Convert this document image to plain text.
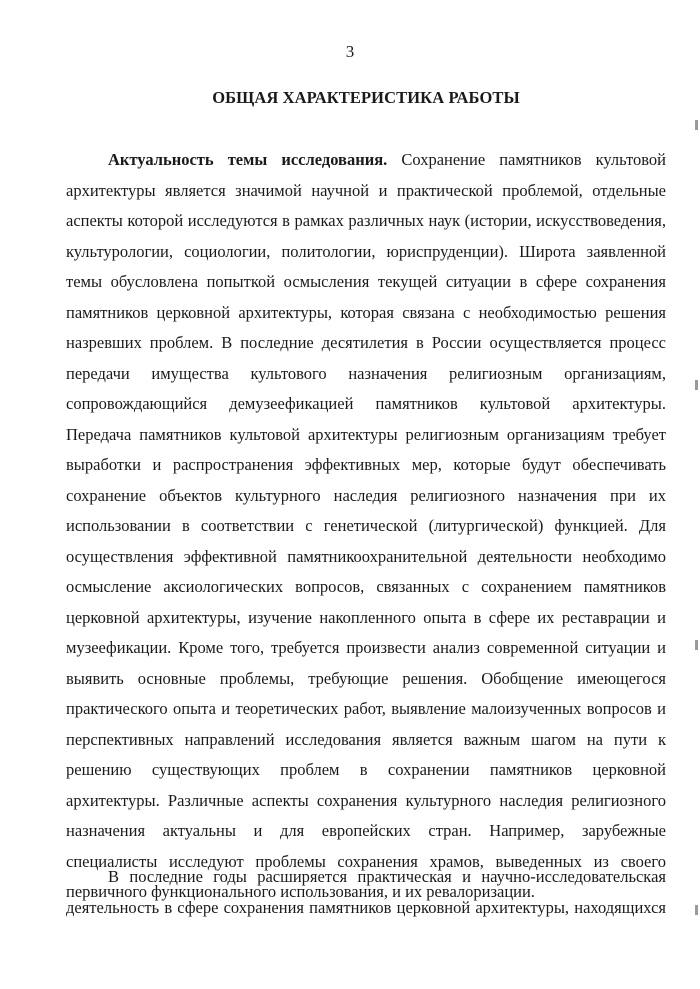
3
ОБЩАЯ ХАРАКТЕРИСТИКА РАБОТЫ
Актуальность темы исследования. Сохранение памятников культовой
архитектуры является значимой научной и практической проблемой, отдельные
аспекты которой исследуются в рамках различных наук (истории, искусствоведения,
культурологии, социологии, политологии, юриспруденции). Широта заявленной
темы обусловлена попыткой осмысления текущей ситуации в сфере сохранения
памятников церковной архитектуры, которая связана с необходимостью решения
назревших проблем. В последние десятилетия в России осуществляется процесс
передачи имущества культового назначения религиозным организациям,
сопровождающийся демузеефикацией памятников культовой архитектуры.
Передача памятников культовой архитектуры религиозным организациям требует
выработки и распространения эффективных мер, которые будут обеспечивать
сохранение объектов культурного наследия религиозного назначения при их
использовании в соответствии с генетической (литургической) функцией. Для
осуществления эффективной памятникоохранительной деятельности необходимо
осмысление аксиологических вопросов, связанных с сохранением памятников
церковной архитектуры, изучение накопленного опыта в сфере их реставрации и
музеефикации. Кроме того, требуется произвести анализ современной ситуации и
выявить основные проблемы, требующие решения. Обобщение имеющегося
практического опыта и теоретических работ, выявление малоизученных вопросов и
перспективных направлений исследования является важным шагом на пути к
решению существующих проблем в сохранении памятников церковной
архитектуры. Различные аспекты сохранения культурного наследия религиозного
назначения актуальны и для европейских стран. Например, зарубежные
специалисты исследуют проблемы сохранения храмов, выведенных из своего
первичного функционального использования, и их ревалоризации.
В последние годы расширяется практическая и научно-исследовательская
деятельность в сфере сохранения памятников церковной архитектуры, находящихся
